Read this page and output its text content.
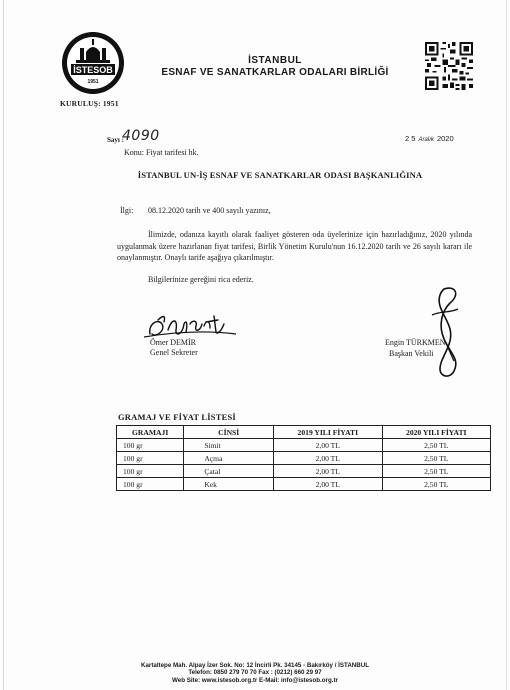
İSTESOB
1951
KURULUŞ: 1951
İSTANBUL
ESNAF VE SANATKARLAR ODALARI BİRLİĞİ
Sayı :
4090	2 5 Aralık 2020
Konu: Fiyat tarifesi hk.
İSTANBUL UN-İŞ ESNAF VE SANATKARLAR ODASI BAŞKANLIĞINA
İlgi: 08.12.2020 tarih ve 400 sayılı yazınız,

İlimizde, odanıza kayıtlı olarak faaliyet gösteren oda üyelerinize için hazırladığınız, 2020 yılında uygulanmak üzere hazırlanan fiyat tarifesi, Birlik Yönetim Kurulu'nun 16.12.2020 tarih ve 26 sayılı kararı ile onaylanmıştır. Onaylı tarife aşağıya çıkarılmıştır.

Bilgilerinize gereğini rica ederiz.
Ömer DEMİR
Genel Sekreter
Engin TÜRKMEN
Başkan Vekili
GRAMAJ VE FİYAT LİSTESİ
GRAMAJI	CİNSİ	2019 YILI FİYATI	2020 YILI FİYATI
100 gr	Simit	2,00 TL	2,50 TL
100 gr	Açma	2,00 TL	2,50 TL
100 gr	Çatal	2,00 TL	2,50 TL
100 gr	Kek	2,00 TL	2,50 TL
Kartaltepe Mah. Alpay İzer Sok. No: 12 İncirli Pk. 34145 - Bakırköy / İSTANBUL
Telefon: 0850 279 70 70 Fax : (0212) 660 29 97
Web Site: www.istesob.org.tr E-Mail: info@istesob.org.tr
